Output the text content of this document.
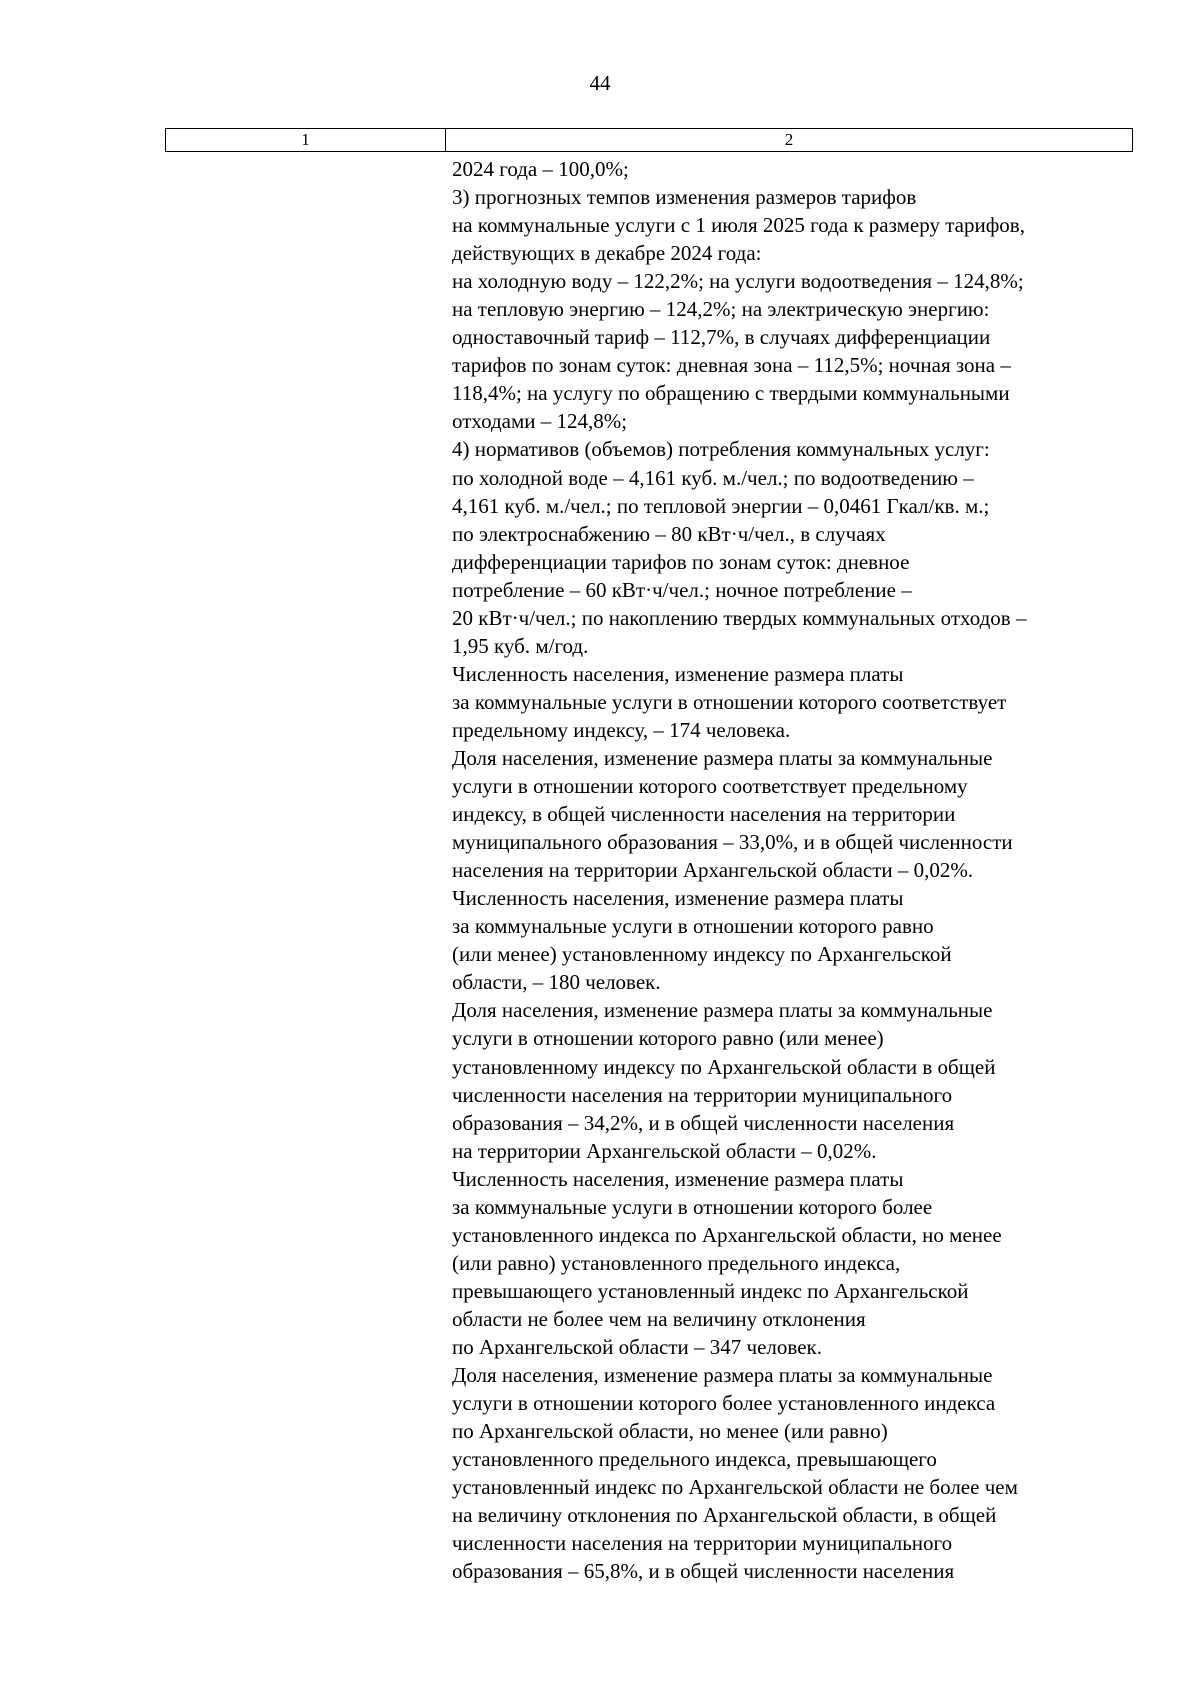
44
1	2
2024 года – 100,0%;
3) прогнозных темпов изменения размеров тарифов
на коммунальные услуги с 1 июля 2025 года к размеру тарифов,
действующих в декабре 2024 года:
на холодную воду – 122,2%; на услуги водоотведения – 124,8%;
на тепловую энергию – 124,2%; на электрическую энергию:
одноставочный тариф – 112,7%, в случаях дифференциации
тарифов по зонам суток: дневная зона – 112,5%; ночная зона –
118,4%; на услугу по обращению с твердыми коммунальными
отходами – 124,8%;
4) нормативов (объемов) потребления коммунальных услуг:
по холодной воде – 4,161 куб. м./чел.; по водоотведению –
4,161 куб. м./чел.; по тепловой энергии – 0,0461 Гкал/кв. м.;
по электроснабжению – 80 кВт·ч/чел., в случаях
дифференциации тарифов по зонам суток: дневное
потребление – 60 кВт·ч/чел.; ночное потребление –
20 кВт·ч/чел.; по накоплению твердых коммунальных отходов –
1,95 куб. м/год.
Численность населения, изменение размера платы
за коммунальные услуги в отношении которого соответствует
предельному индексу, – 174 человека.
Доля населения, изменение размера платы за коммунальные
услуги в отношении которого соответствует предельному
индексу, в общей численности населения на территории
муниципального образования – 33,0%, и в общей численности
населения на территории Архангельской области – 0,02%.
Численность населения, изменение размера платы
за коммунальные услуги в отношении которого равно
(или менее) установленному индексу по Архангельской
области, – 180 человек.
Доля населения, изменение размера платы за коммунальные
услуги в отношении которого равно (или менее)
установленному индексу по Архангельской области в общей
численности населения на территории муниципального
образования – 34,2%, и в общей численности населения
на территории Архангельской области – 0,02%.
Численность населения, изменение размера платы
за коммунальные услуги в отношении которого более
установленного индекса по Архангельской области, но менее
(или равно) установленного предельного индекса,
превышающего установленный индекс по Архангельской
области не более чем на величину отклонения
по Архангельской области – 347 человек.
Доля населения, изменение размера платы за коммунальные
услуги в отношении которого более установленного индекса
по Архангельской области, но менее (или равно)
установленного предельного индекса, превышающего
установленный индекс по Архангельской области не более чем
на величину отклонения по Архангельской области, в общей
численности населения на территории муниципального
образования – 65,8%, и в общей численности населения
